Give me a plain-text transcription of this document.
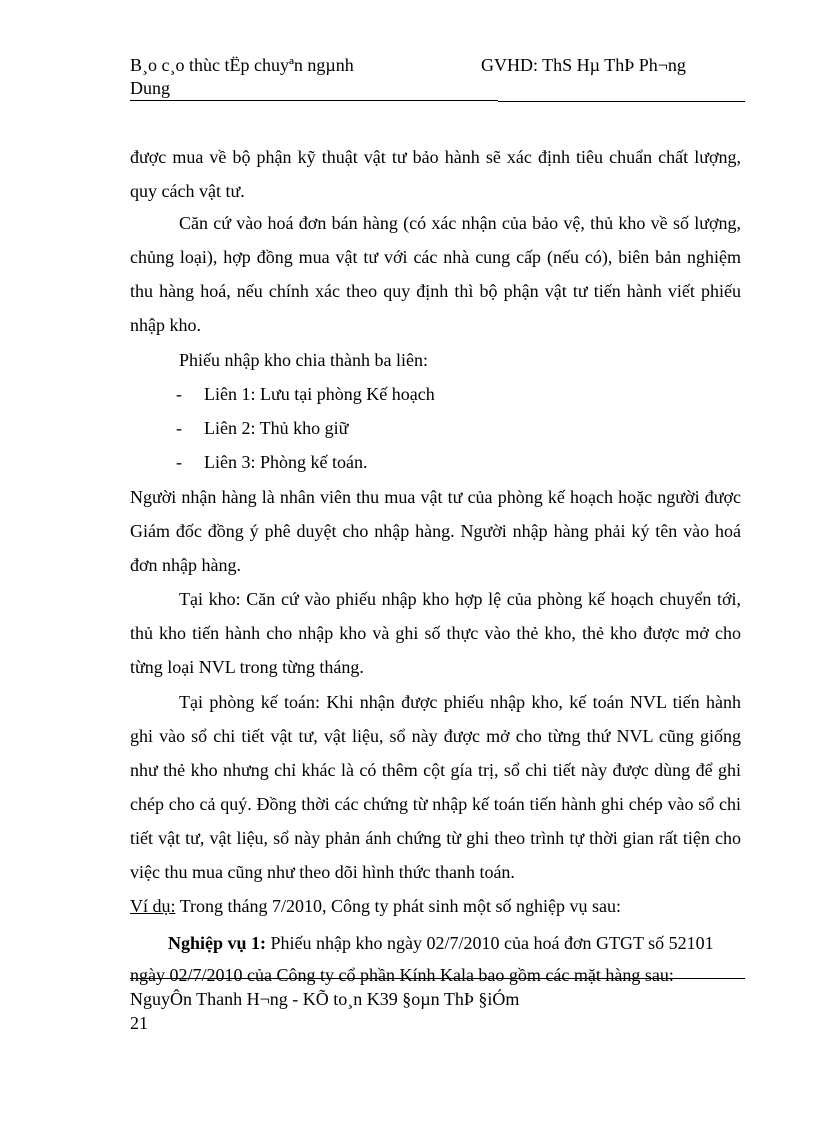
B¸o c¸o thùc tËp chuyªn ngµnh	GVHD: ThS Hµ ThÞ Ph¬ng
Dung

được mua về bộ phận kỹ thuật vật tư bảo hành sẽ xác định tiêu chuẩn chất lượng, quy cách vật tư.

Căn cứ vào hoá đơn bán hàng (có xác nhận của bảo vệ, thủ kho về số lượng, chủng loại), hợp đồng mua vật tư với các nhà cung cấp (nếu có), biên bản nghiệm thu hàng hoá, nếu chính xác theo quy định thì bộ phận vật tư tiến hành viết phiếu nhập kho.

Phiếu nhập kho chia thành ba liên:

- Liên 1: Lưu tại phòng Kế hoạch
- Liên 2: Thủ kho giữ
- Liên 3: Phòng kế toán.

Người nhận hàng là nhân viên thu mua vật tư của phòng kế hoạch hoặc người được Giám đốc đồng ý phê duyệt cho nhập hàng. Người nhập hàng phải ký tên vào hoá đơn nhập hàng.

Tại kho: Căn cứ vào phiếu nhập kho hợp lệ của phòng kế hoạch chuyển tới, thủ kho tiến hành cho nhập kho và ghi số thực vào thẻ kho, thẻ kho được mở cho từng loại NVL trong từng tháng.

Tại phòng kế toán: Khi nhận được phiếu nhập kho, kế toán NVL tiến hành ghi vào sổ chi tiết vật tư, vật liệu, sổ này được mở cho từng thứ NVL cũng giống như thẻ kho nhưng chỉ khác là có thêm cột gía trị, sổ chi tiết này được dùng để ghi chép cho cả quý. Đồng thời các chứng từ nhập kế toán tiến hành ghi chép vào sổ chi tiết vật tư, vật liệu, sổ này phản ánh chứng từ ghi theo trình tự thời gian rất tiện cho việc thu mua cũng như theo dõi hình thức thanh toán.

Ví dụ: Trong tháng 7/2010, Công ty phát sinh một số nghiệp vụ sau:
Nghiệp vụ 1: Phiếu nhập kho ngày 02/7/2010 của hoá đơn GTGT số 52101
ngày 02/7/2010 của Công ty cổ phần Kính Kala bao gồm các mặt hàng sau:
NguyÔn Thanh H¬ng - KÕ to¸n K39 §oµn ThÞ §iÓm
21
